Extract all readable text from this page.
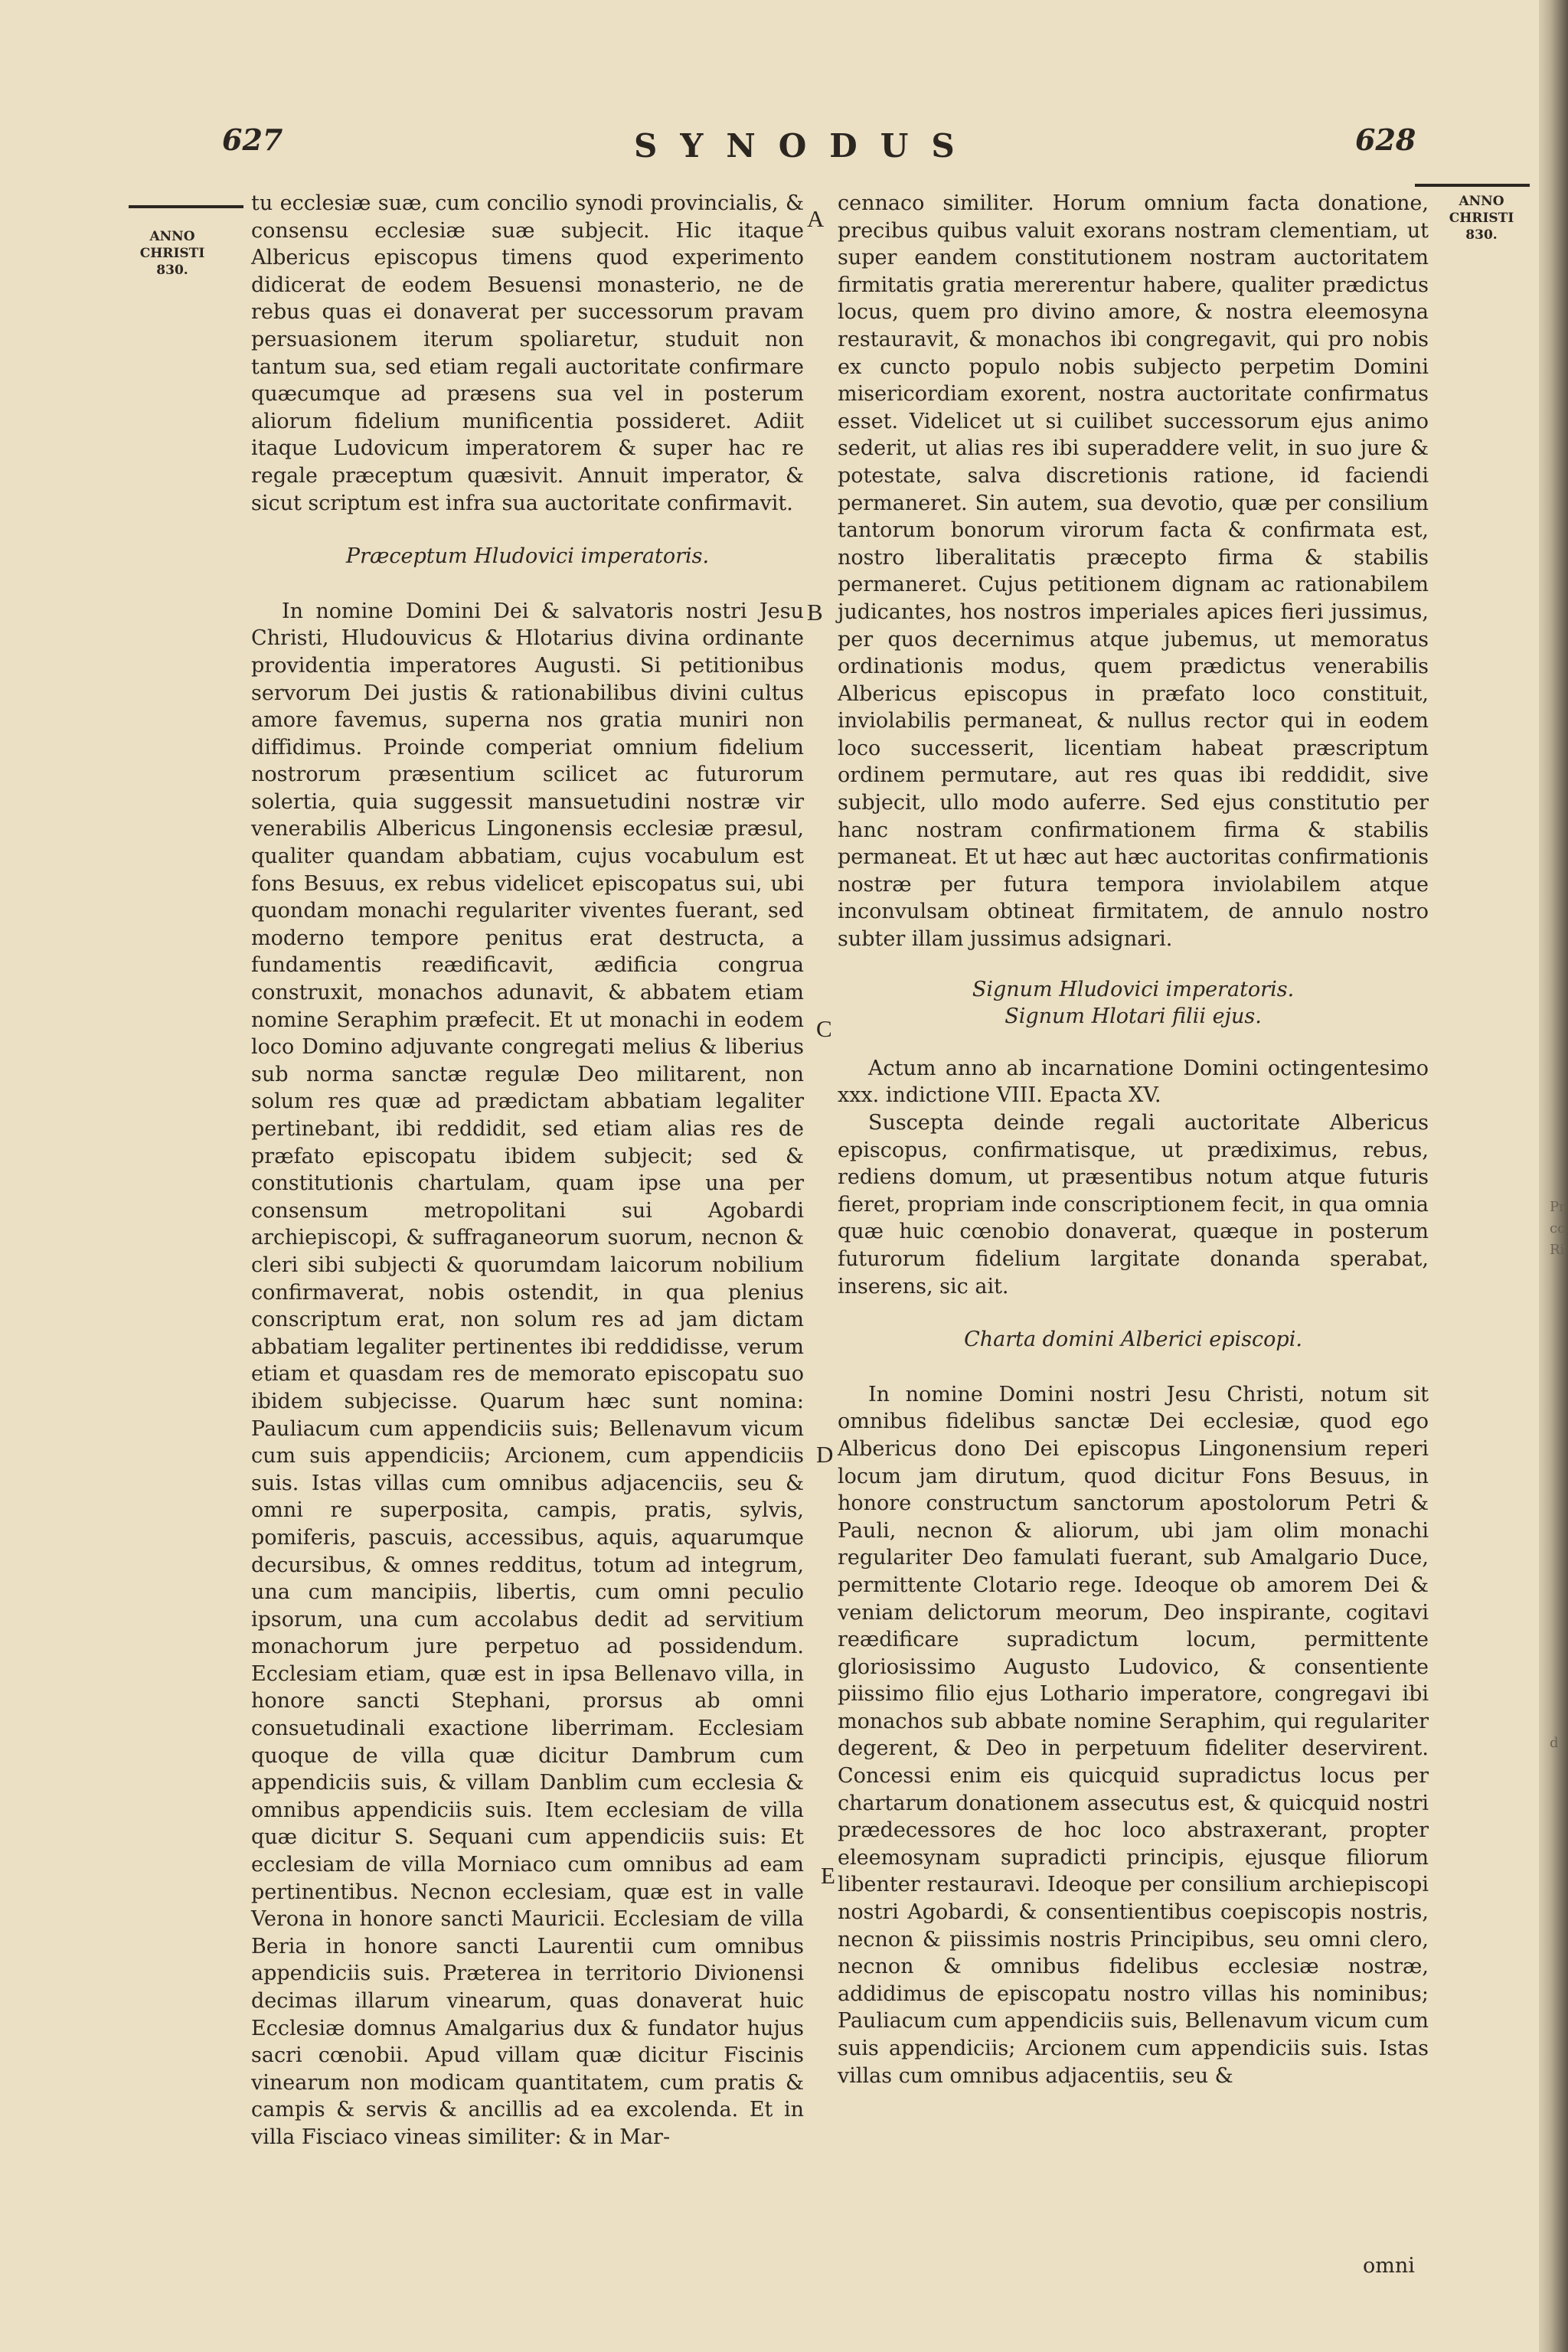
627	SYNODUS	628
ANNO
CHRISTI
830.
ANNO
CHRISTI
830.
A
B
C
D
E

tu ecclesiæ suæ, cum concilio synodi provincialis, & consensu ecclesiæ suæ subjecit. Hic itaque Albericus episcopus timens quod experimento didicerat de eodem Besuensi monasterio, ne de rebus quas ei donaverat per successorum pravam persuasionem iterum spoliaretur, studuit non tantum sua, sed etiam regali auctoritate confirmare quæcumque ad præsens sua vel in posterum aliorum fidelium munificentia possideret. Adiit itaque Ludovicum imperatorem & super hac re regale præceptum quæsivit. Annuit imperator, & sicut scriptum est infra sua auctoritate confirmavit.

Præceptum Hludovici imperatoris.

In nomine Domini Dei & salvatoris nostri Jesu Christi, Hludouvicus & Hlotarius divina ordinante providentia imperatores Augusti. Si petitionibus servorum Dei justis & rationabilibus divini cultus amore favemus, superna nos gratia muniri non diffidimus. Proinde comperiat omnium fidelium nostrorum præsentium scilicet ac futurorum solertia, quia suggessit mansuetudini nostræ vir venerabilis Albericus Lingonensis ecclesiæ præsul, qualiter quandam abbatiam, cujus vocabulum est fons Besuus, ex rebus videlicet episcopatus sui, ubi quondam monachi regulariter viventes fuerant, sed moderno tempore penitus erat destructa, a fundamentis reædificavit, ædificia congrua construxit, monachos adunavit, & abbatem etiam nomine Seraphim præfecit. Et ut monachi in eodem loco Domino adjuvante congregati melius & liberius sub norma sanctæ regulæ Deo militarent, non solum res quæ ad prædictam abbatiam legaliter pertinebant, ibi reddidit, sed etiam alias res de præfato episcopatu ibidem subjecit; sed & constitutionis chartulam, quam ipse una per consensum metropolitani sui Agobardi archiepiscopi, & suffraganeorum suorum, necnon & cleri sibi subjecti & quorumdam laicorum nobilium confirmaverat, nobis ostendit, in qua plenius conscriptum erat, non solum res ad jam dictam abbatiam legaliter pertinentes ibi reddidisse, verum etiam et quasdam res de memorato episcopatu suo ibidem subjecisse. Quarum hæc sunt nomina: Pauliacum cum appendiciis suis; Bellenavum vicum cum suis appendiciis; Arcionem, cum appendiciis suis. Istas villas cum omnibus adjacenciis, seu & omni re superposita, campis, pratis, sylvis, pomiferis, pascuis, accessibus, aquis, aquarumque decursibus, & omnes redditus, totum ad integrum, una cum mancipiis, libertis, cum omni peculio ipsorum, una cum accolabus dedit ad servitium monachorum jure perpetuo ad possidendum. Ecclesiam etiam, quæ est in ipsa Bellenavo villa, in honore sancti Stephani, prorsus ab omni consuetudinali exactione liberrimam. Ecclesiam quoque de villa quæ dicitur Dambrum cum appendiciis suis, & villam Danblim cum ecclesia & omnibus appendiciis suis. Item ecclesiam de villa quæ dicitur S. Sequani cum appendiciis suis: Et ecclesiam de villa Morniaco cum omnibus ad eam pertinentibus. Necnon ecclesiam, quæ est in valle Verona in honore sancti Mauricii. Ecclesiam de villa Beria in honore sancti Laurentii cum omnibus appendiciis suis. Præterea in territorio Divionensi decimas illarum vinearum, quas donaverat huic Ecclesiæ domnus Amalgarius dux & fundator hujus sacri cœnobii. Apud villam quæ dicitur Fiscinis vinearum non modicam quantitatem, cum pratis & campis & servis & ancillis ad ea excolenda. Et in villa Fisciaco vineas similiter: & in Mar-

cennaco similiter. Horum omnium facta donatione, precibus quibus valuit exorans nostram clementiam, ut super eandem constitutionem nostram auctoritatem firmitatis gratia mererentur habere, qualiter prædictus locus, quem pro divino amore, & nostra eleemosyna restauravit, & monachos ibi congregavit, qui pro nobis ex cuncto populo nobis subjecto perpetim Domini misericordiam exorent, nostra auctoritate confirmatus esset. Videlicet ut si cuilibet successorum ejus animo sederit, ut alias res ibi superaddere velit, in suo jure & potestate, salva discretionis ratione, id faciendi permaneret. Sin autem, sua devotio, quæ per consilium tantorum bonorum virorum facta & confirmata est, nostro liberalitatis præcepto firma & stabilis permaneret. Cujus petitionem dignam ac rationabilem judicantes, hos nostros imperiales apices fieri jussimus, per quos decernimus atque jubemus, ut memoratus ordinationis modus, quem prædictus venerabilis Albericus episcopus in præfato loco constituit, inviolabilis permaneat, & nullus rector qui in eodem loco successerit, licentiam habeat præscriptum ordinem permutare, aut res quas ibi reddidit, sive subjecit, ullo modo auferre. Sed ejus constitutio per hanc nostram confirmationem firma & stabilis permaneat. Et ut hæc aut hæc auctoritas confirmationis nostræ per futura tempora inviolabilem atque inconvulsam obtineat firmitatem, de annulo nostro subter illam jussimus adsignari.

Signum Hludovici imperatoris.
Signum Hlotari filii ejus.

Actum anno ab incarnatione Domini octingentesimo xxx. indictione VIII. Epacta XV.

Suscepta deinde regali auctoritate Albericus episcopus, confirmatisque, ut prædiximus, rebus, rediens domum, ut præsentibus notum atque futuris fieret, propriam inde conscriptionem fecit, in qua omnia quæ huic cœnobio donaverat, quæque in posterum futurorum fidelium largitate donanda sperabat, inserens, sic ait.

Charta domini Alberici episcopi.

In nomine Domini nostri Jesu Christi, notum sit omnibus fidelibus sanctæ Dei ecclesiæ, quod ego Albericus dono Dei episcopus Lingonensium reperi locum jam dirutum, quod dicitur Fons Besuus, in honore constructum sanctorum apostolorum Petri & Pauli, necnon & aliorum, ubi jam olim monachi regulariter Deo famulati fuerant, sub Amalgario Duce, permittente Clotario rege. Ideoque ob amorem Dei & veniam delictorum meorum, Deo inspirante, cogitavi reædificare supradictum locum, permittente gloriosissimo Augusto Ludovico, & consentiente piissimo filio ejus Lothario imperatore, congregavi ibi monachos sub abbate nomine Seraphim, qui regulariter degerent, & Deo in perpetuum fideliter deservirent. Concessi enim eis quicquid supradictus locus per chartarum donationem assecutus est, & quicquid nostri prædecessores de hoc loco abstraxerant, propter eleemosynam supradicti principis, ejusque filiorum libenter restauravi. Ideoque per consilium archiepiscopi nostri Agobardi, & consentientibus coepiscopis nostris, necnon & piissimis nostris Principibus, seu omni clero, necnon & omnibus fidelibus ecclesiæ nostræ, addidimus de episcopatu nostro villas his nominibus; Pauliacum cum appendiciis suis, Bellenavum vicum cum suis appendiciis; Arcionem cum appendiciis suis. Istas villas cum omnibus adjacentiis, seu &

omni
Pr
cc
Ri
d
